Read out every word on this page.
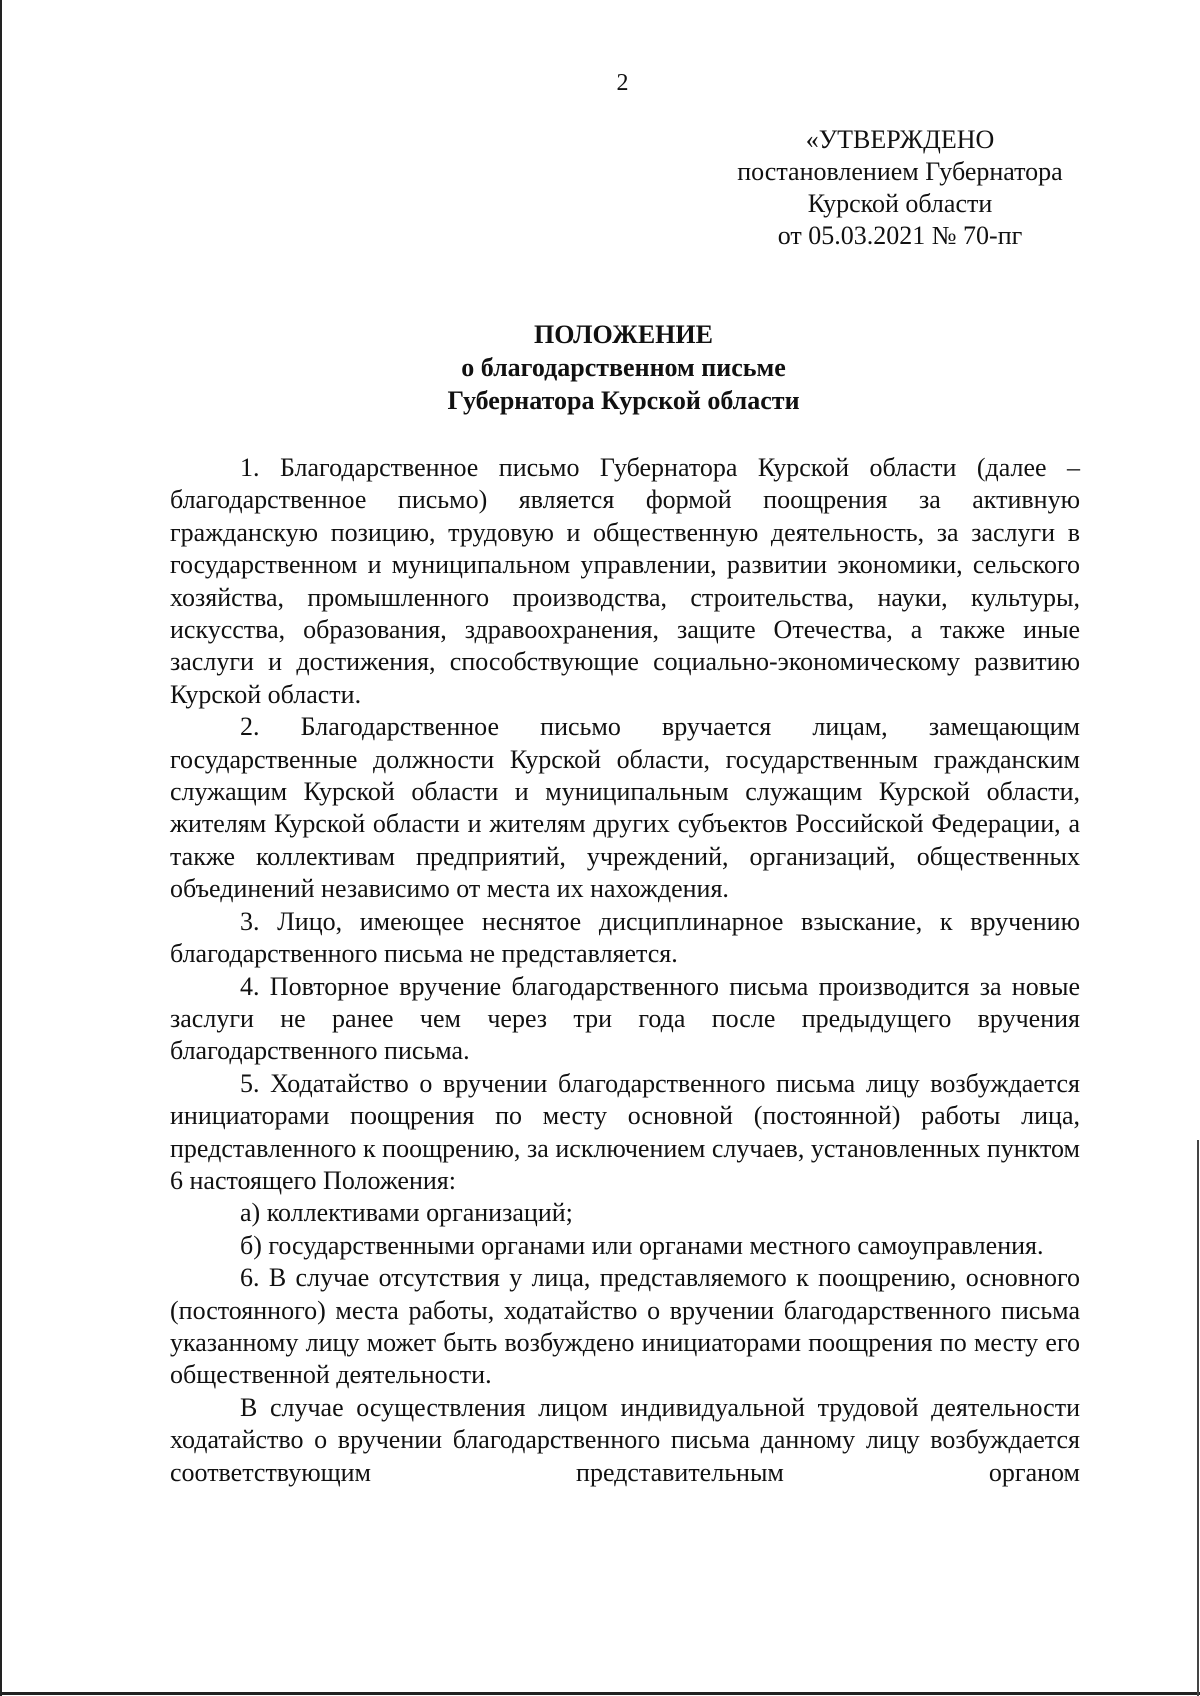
2
«УТВЕРЖДЕНО
постановлением Губернатора
Курской области
от 05.03.2021 № 70-пг
ПОЛОЖЕНИЕ
о благодарственном письме
Губернатора Курской области

1. Благодарственное письмо Губернатора Курской области (далее – благодарственное письмо) является формой поощрения за активную гражданскую позицию, трудовую и общественную деятельность, за заслуги в государственном и муниципальном управлении, развитии экономики, сельского хозяйства, промышленного производства, строительства, науки, культуры, искусства, образования, здравоохранения, защите Отечества, а также иные заслуги и достижения, способствующие социально-экономическому развитию Курской области.

2. Благодарственное письмо вручается лицам, замещающим государственные должности Курской области, государственным гражданским служащим Курской области и муниципальным служащим Курской области, жителям Курской области и жителям других субъектов Российской Федерации, а также коллективам предприятий, учреждений, организаций, общественных объединений независимо от места их нахождения.

3. Лицо, имеющее неснятое дисциплинарное взыскание, к вручению благодарственного письма не представляется.

4. Повторное вручение благодарственного письма производится за новые заслуги не ранее чем через три года после предыдущего вручения благодарственного письма.

5. Ходатайство о вручении благодарственного письма лицу возбуждается инициаторами поощрения по месту основной (постоянной) работы лица, представленного к поощрению, за исключением случаев, установленных пунктом 6 настоящего Положения:

а) коллективами организаций;

б) государственными органами или органами местного самоуправления.

6. В случае отсутствия у лица, представляемого к поощрению, основного (постоянного) места работы, ходатайство о вручении благодарственного письма указанному лицу может быть возбуждено инициаторами поощрения по месту его общественной деятельности.

В случае осуществления лицом индивидуальной трудовой деятельности ходатайство о вручении благодарственного письма данному лицу возбуждается соответствующим представительным органом
